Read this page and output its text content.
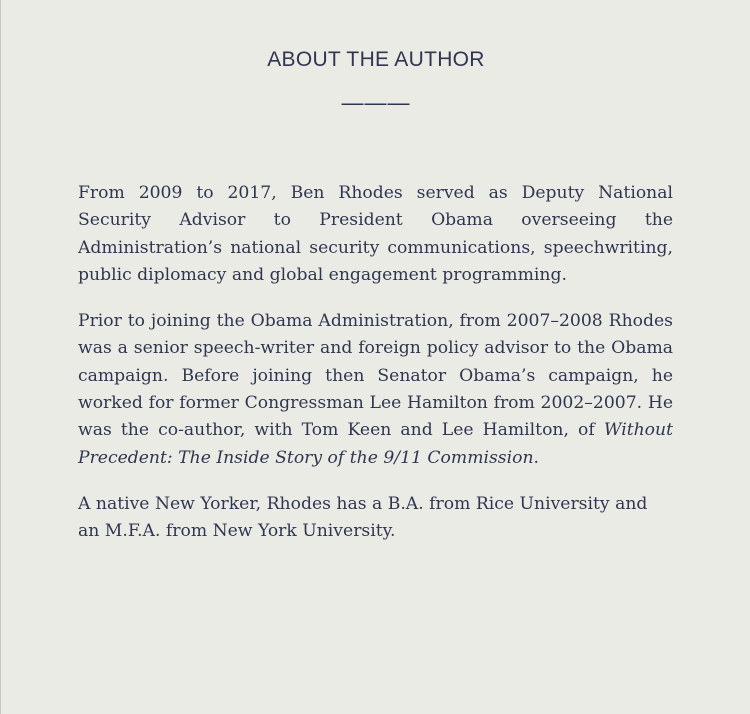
ABOUT THE AUTHOR
———

From 2009 to 2017, Ben Rhodes served as Deputy National Security Advisor to President Obama overseeing the Administration’s national security communications, speechwriting, public diplomacy and global engagement programming.

Prior to joining the Obama Administration, from 2007–2008 Rhodes was a senior speech-writer and foreign policy advisor to the Obama campaign. Before joining then Senator Obama’s campaign, he worked for former Congressman Lee Hamilton from 2002–2007. He was the co-author, with Tom Keen and Lee Hamilton, of Without Precedent: The Inside Story of the 9/11 Commission.

A native New Yorker, Rhodes has a B.A. from Rice University and an M.F.A. from New York University.
